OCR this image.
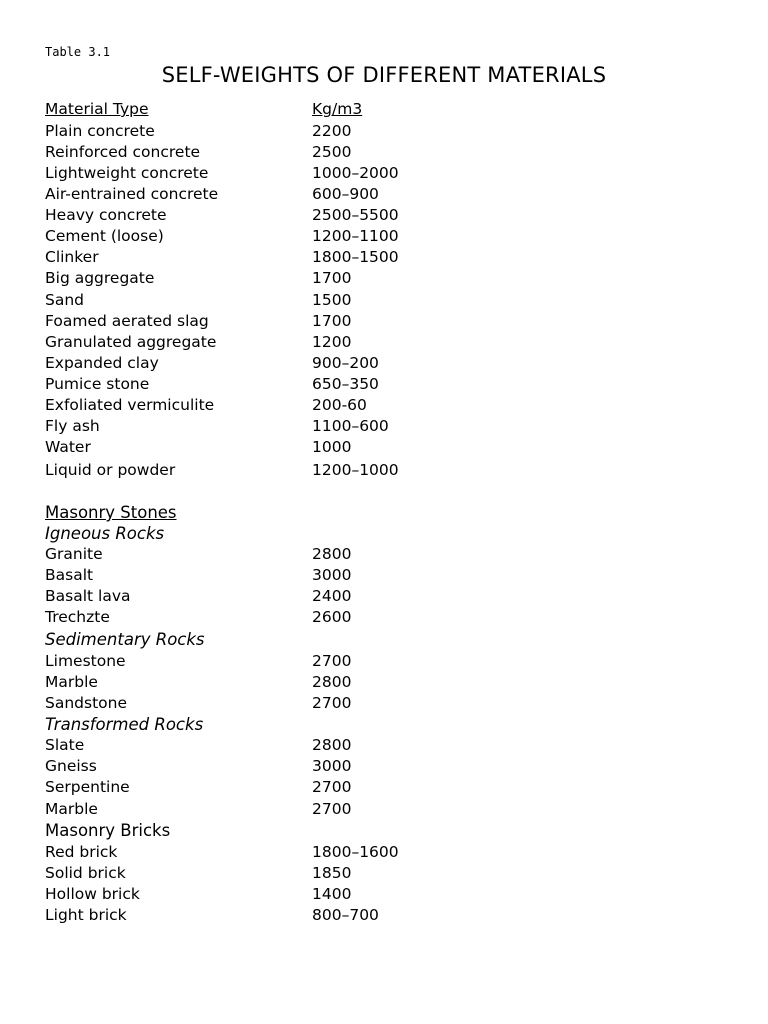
Table 3.1
SELF-WEIGHTS OF DIFFERENT MATERIALS
Material Type	Kg/m3
Plain concrete	2200
Reinforced concrete	2500
Lightweight concrete	1000–2000
Air-entrained concrete	600–900
Heavy concrete	2500–5500
Cement (loose)	1200–1100
Clinker	1800–1500
Big aggregate	1700
Sand	1500
Foamed aerated slag	1700
Granulated aggregate	1200
Expanded clay	900–200
Pumice stone	650–350
Exfoliated vermiculite	200-60
Fly ash	1100–600
Water	1000
Liquid or powder	1200–1000
Masonry Stones
Igneous Rocks
Granite	2800
Basalt	3000
Basalt lava	2400
Trechzte	2600
Sedimentary Rocks
Limestone	2700
Marble	2800
Sandstone	2700
Transformed Rocks
Slate	2800
Gneiss	3000
Serpentine	2700
Marble	2700
Masonry Bricks
Red brick	1800–1600
Solid brick	1850
Hollow brick	1400
Light brick	800–700
